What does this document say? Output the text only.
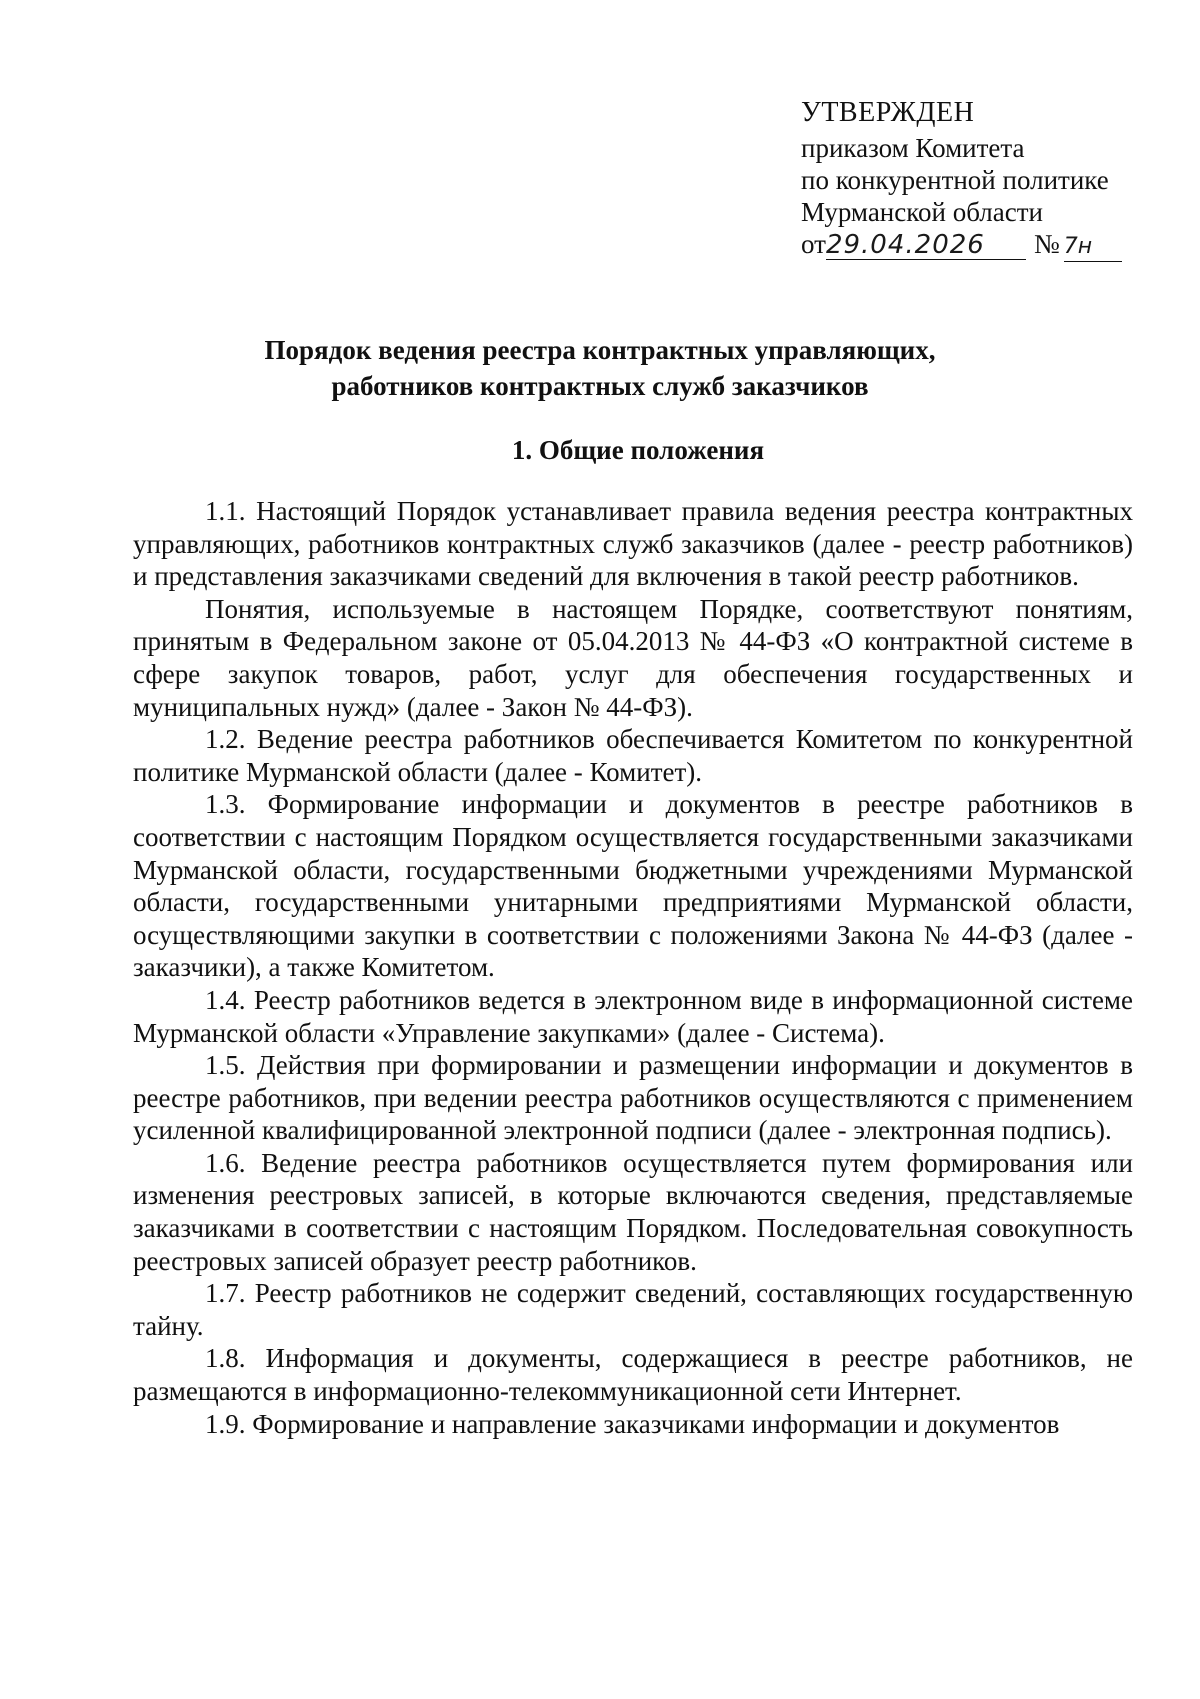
УТВЕРЖДЕН
приказом Комитета
по конкурентной политике
Мурманской области
от29.04.2026 № 7н
Порядок ведения реестра контрактных управляющих,
работников контрактных служб заказчиков
1. Общие положения

1.1. Настоящий Порядок устанавливает правила ведения реестра контрактных управляющих, работников контрактных служб заказчиков (далее - реестр работников) и представления заказчиками сведений для включения в такой реестр работников.

Понятия, используемые в настоящем Порядке, соответствуют понятиям, принятым в Федеральном законе от 05.04.2013 № 44-ФЗ «О контрактной системе в сфере закупок товаров, работ, услуг для обеспечения государственных и муниципальных нужд» (далее - Закон № 44-ФЗ).

1.2. Ведение реестра работников обеспечивается Комитетом по конкурентной политике Мурманской области (далее - Комитет).

1.3. Формирование информации и документов в реестре работников в соответствии с настоящим Порядком осуществляется государственными заказчиками Мурманской области, государственными бюджетными учреждениями Мурманской области, государственными унитарными предприятиями Мурманской области, осуществляющими закупки в соответствии с положениями Закона № 44-ФЗ (далее - заказчики), а также Комитетом.

1.4. Реестр работников ведется в электронном виде в информационной системе Мурманской области «Управление закупками» (далее - Система).

1.5. Действия при формировании и размещении информации и документов в реестре работников, при ведении реестра работников осуществляются с применением усиленной квалифицированной электронной подписи (далее - электронная подпись).

1.6. Ведение реестра работников осуществляется путем формирования или изменения реестровых записей, в которые включаются сведения, представляемые заказчиками в соответствии с настоящим Порядком. Последовательная совокупность реестровых записей образует реестр работников.

1.7. Реестр работников не содержит сведений, составляющих государственную тайну.

1.8. Информация и документы, содержащиеся в реестре работников, не размещаются в информационно-телекоммуникационной сети Интернет.

1.9. Формирование и направление заказчиками информации и документов
